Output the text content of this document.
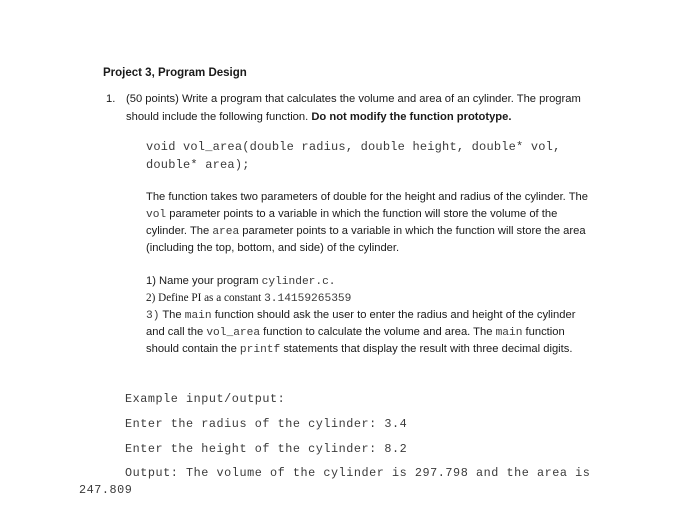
Project 3, Program Design
1. (50 points) Write a program that calculates the volume and area of an cylinder. The program
should include the following function. Do not modify the function prototype.
void vol_area(double radius, double height, double* vol,
double* area);
The function takes two parameters of double for the height and radius of the cylinder. The
vol parameter points to a variable in which the function will store the volume of the
cylinder. The area parameter points to a variable in which the function will store the area
(including the top, bottom, and side) of the cylinder.
1) Name your program cylinder.c.
2) Define PI as a constant 3.14159265359
3) The main function should ask the user to enter the radius and height of the cylinder
and call the vol_area function to calculate the volume and area. The main function
should contain the printf statements that display the result with three decimal digits.
Example input/output:
Enter the radius of the cylinder: 3.4
Enter the height of the cylinder: 8.2
Output: The volume of the cylinder is 297.798 and the area is
247.809
